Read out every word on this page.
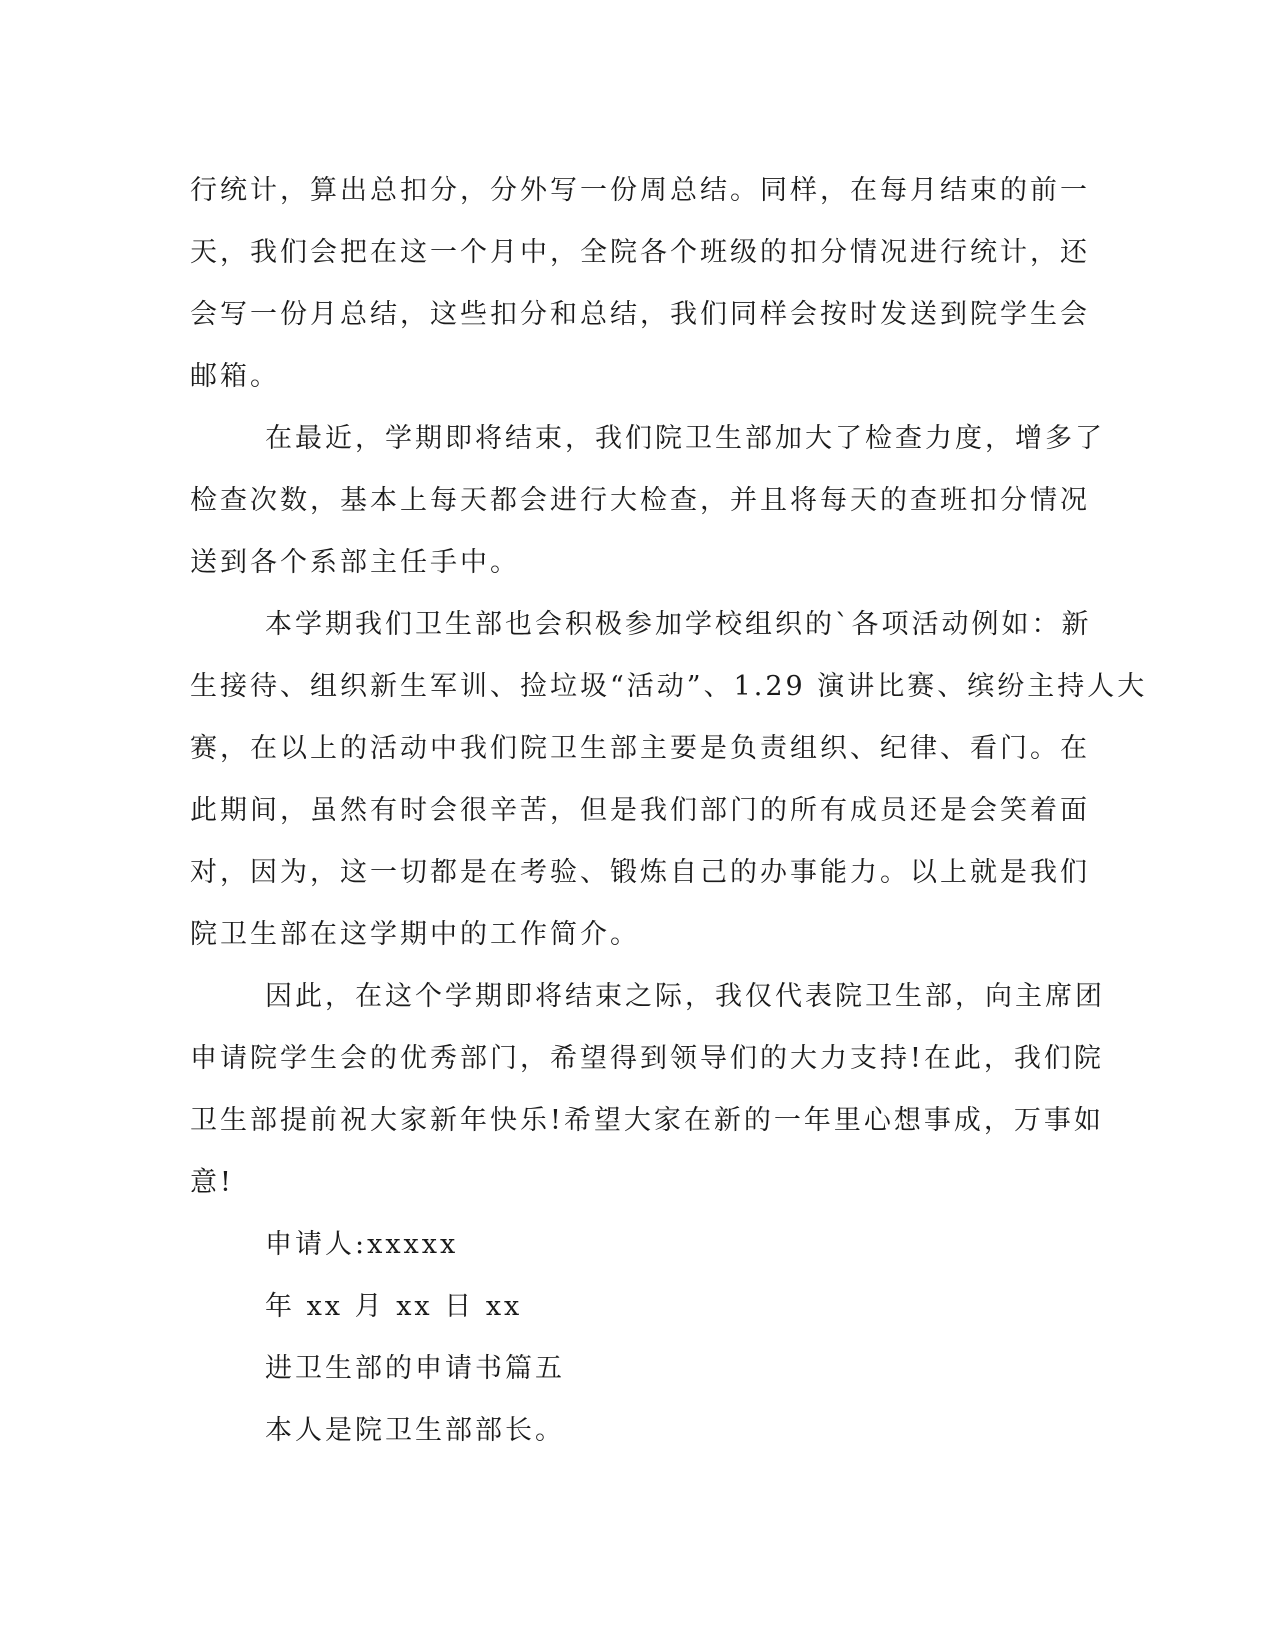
行统计，算出总扣分，分外写一份周总结。同样，在每月结束的前一
天，我们会把在这一个月中，全院各个班级的扣分情况进行统计，还
会写一份月总结，这些扣分和总结，我们同样会按时发送到院学生会
邮箱。
在最近，学期即将结束，我们院卫生部加大了检查力度，增多了
检查次数，基本上每天都会进行大检查，并且将每天的查班扣分情况
送到各个系部主任手中。
本学期我们卫生部也会积极参加学校组织的`各项活动例如：新
生接待、组织新生军训、捡垃圾“活动”、1.29 演讲比赛、缤纷主持人大
赛，在以上的活动中我们院卫生部主要是负责组织、纪律、看门。在
此期间，虽然有时会很辛苦，但是我们部门的所有成员还是会笑着面
对，因为，这一切都是在考验、锻炼自己的办事能力。以上就是我们
院卫生部在这学期中的工作简介。
因此，在这个学期即将结束之际，我仅代表院卫生部，向主席团
申请院学生会的优秀部门，希望得到领导们的大力支持!在此，我们院
卫生部提前祝大家新年快乐!希望大家在新的一年里心想事成，万事如
意!
申请人:xxxxx
年 xx 月 xx 日 xx
进卫生部的申请书篇五
本人是院卫生部部长。
